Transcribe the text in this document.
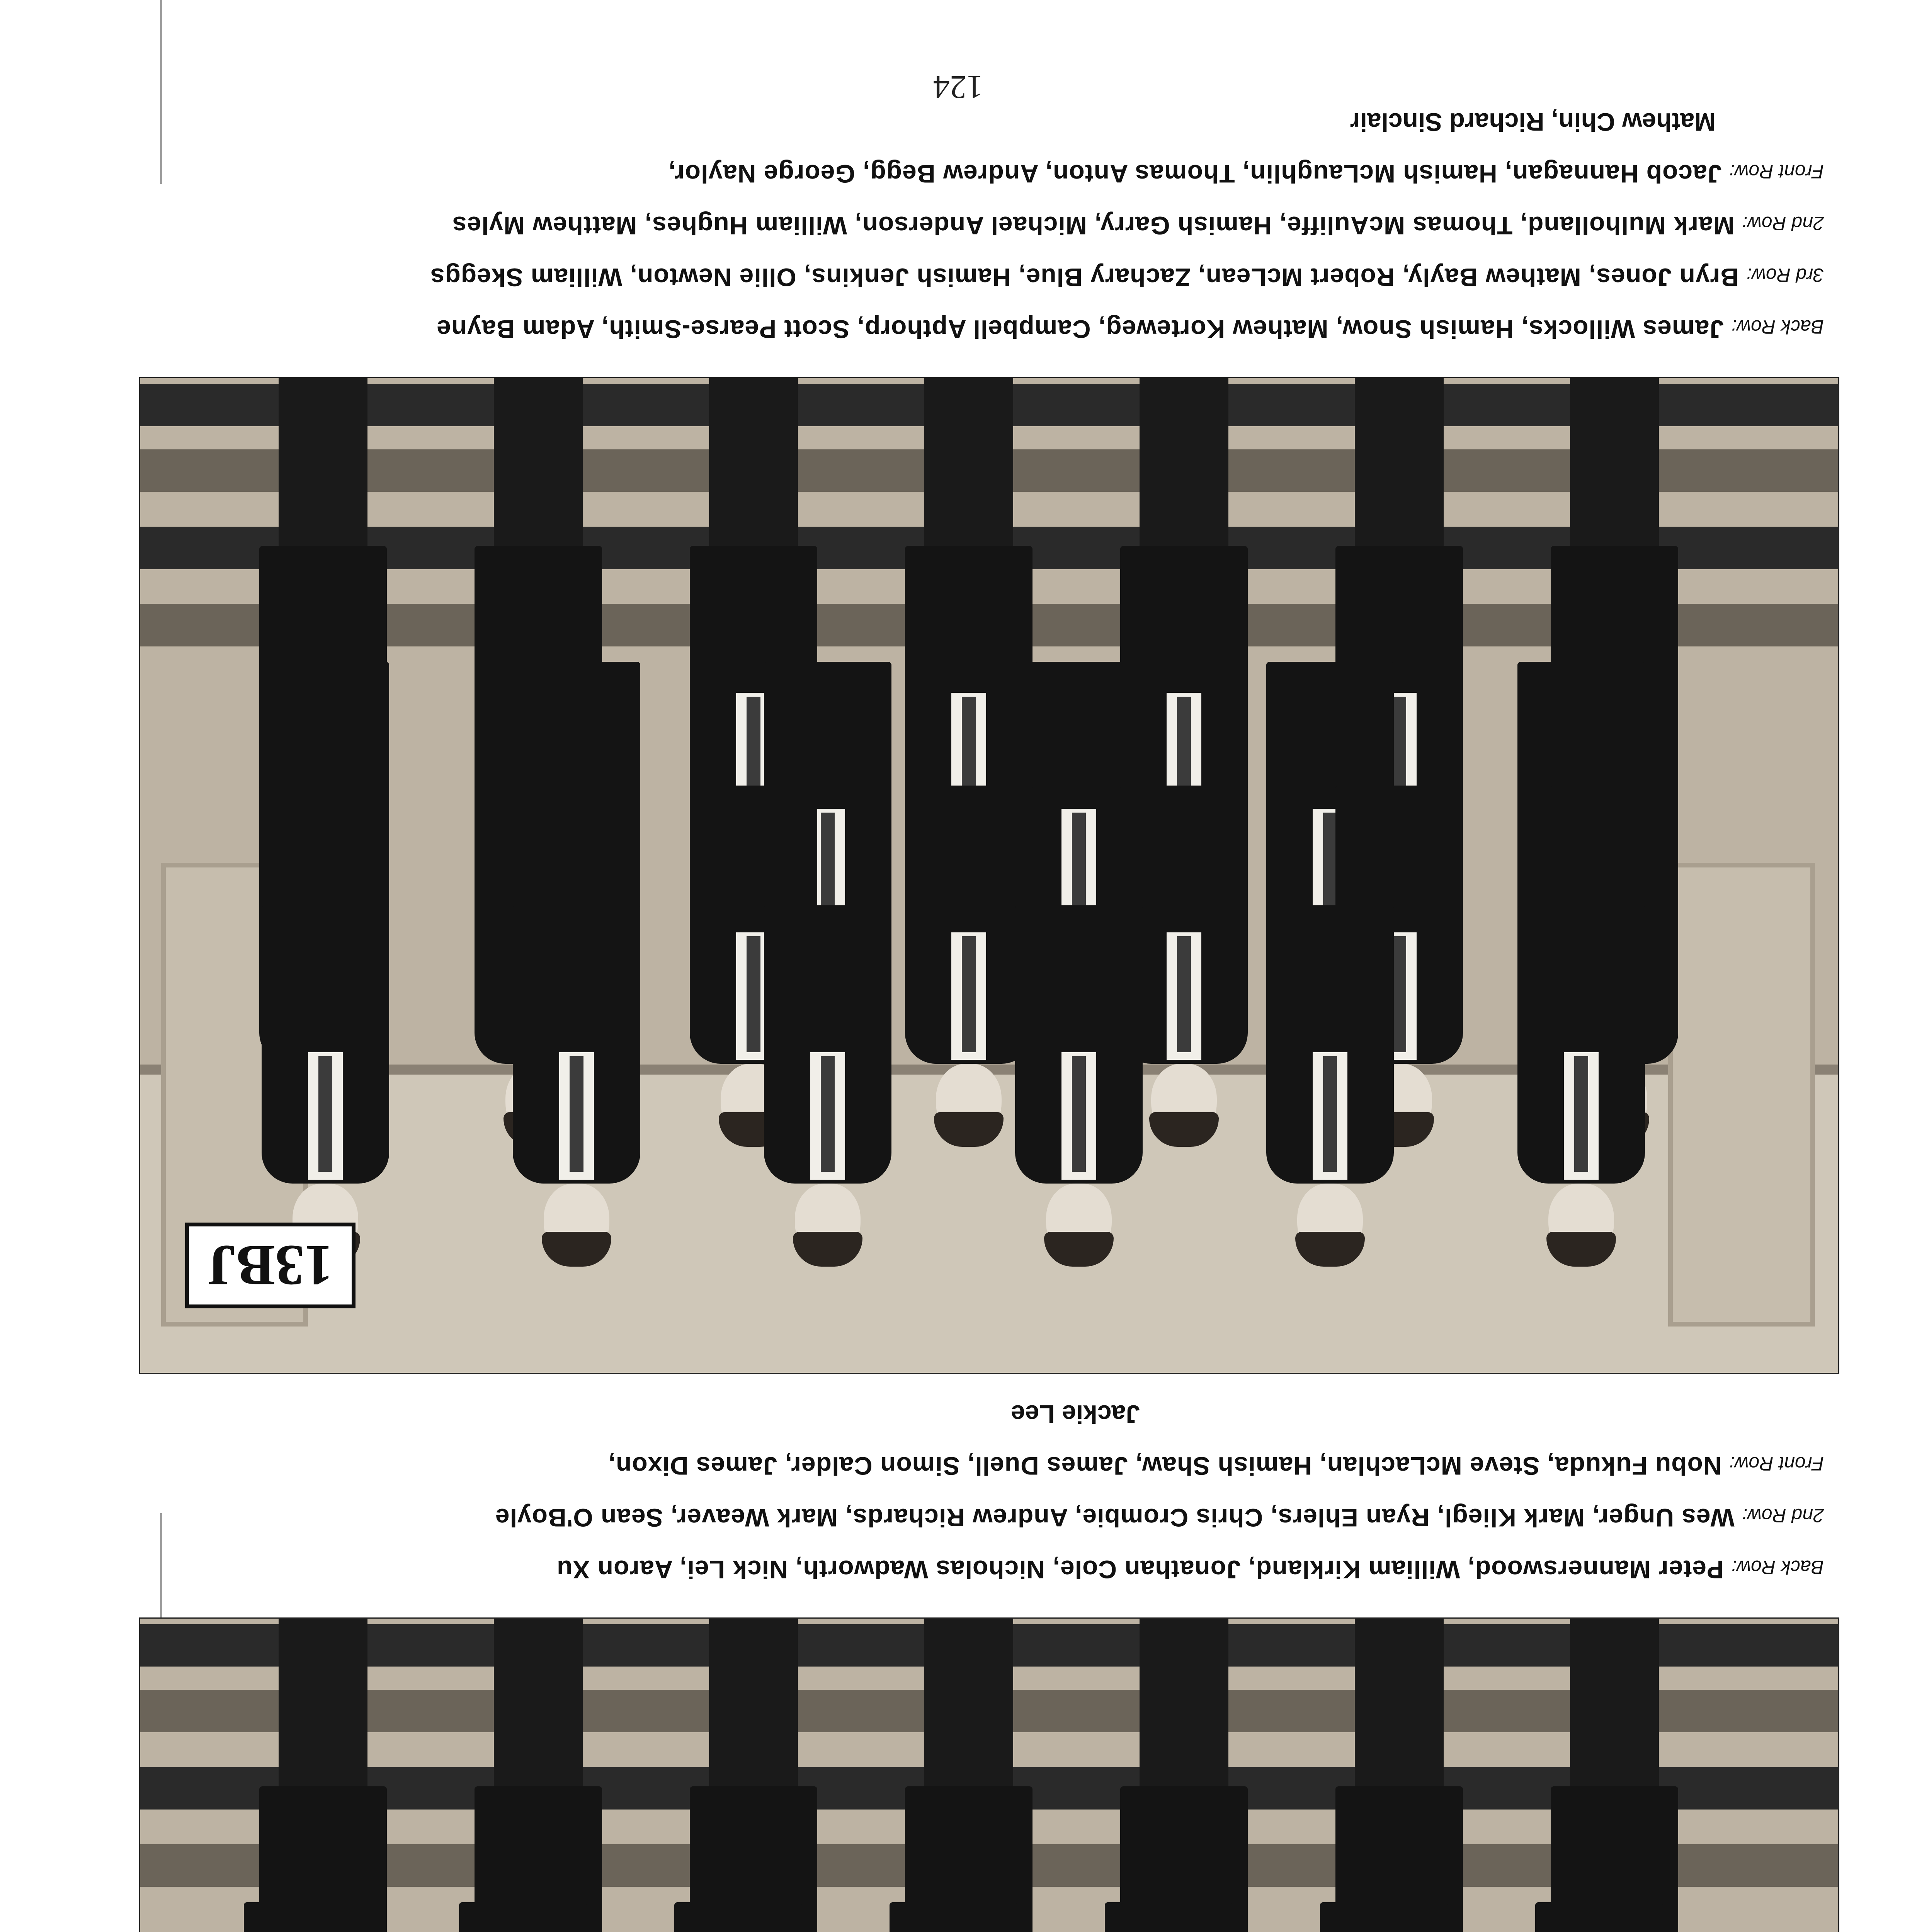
Back Row:Peter Mannerswood, William Kirkland, Jonathan Cole, Nicholas Wadworth, Nick Lei, Aaron Xu
2nd Row:Wes Unger, Mark Kliegl, Ryan Ehlers, Chris Crombie, Andrew Richards, Mark Weaver, Sean O'Boyle
Front Row:Nobu Fukuda, Steve McLachlan, Hamish Shaw, James Duell, Simon Calder, James Dixon,
Jackie Lee
13BJ
Back Row:James Willocks, Hamish Snow, Mathew Korteweg, Campbell Apthorp, Scott Pearse-Smith, Adam Bayne
3rd Row:Bryn Jones, Mathew Bayly, Robert McLean, Zachary Blue, Hamish Jenkins, Ollie Newton, William Skeggs
2nd Row:Mark Mulholland, Thomas McAuliffe, Hamish Garry, Michael Anderson, William Hughes, Matthew Myles
Front Row:Jacob Hannagan, Hamish McLaughlin, Thomas Anton, Andrew Begg, George Naylor,
Mathew Chin, Richard Sinclair
124
